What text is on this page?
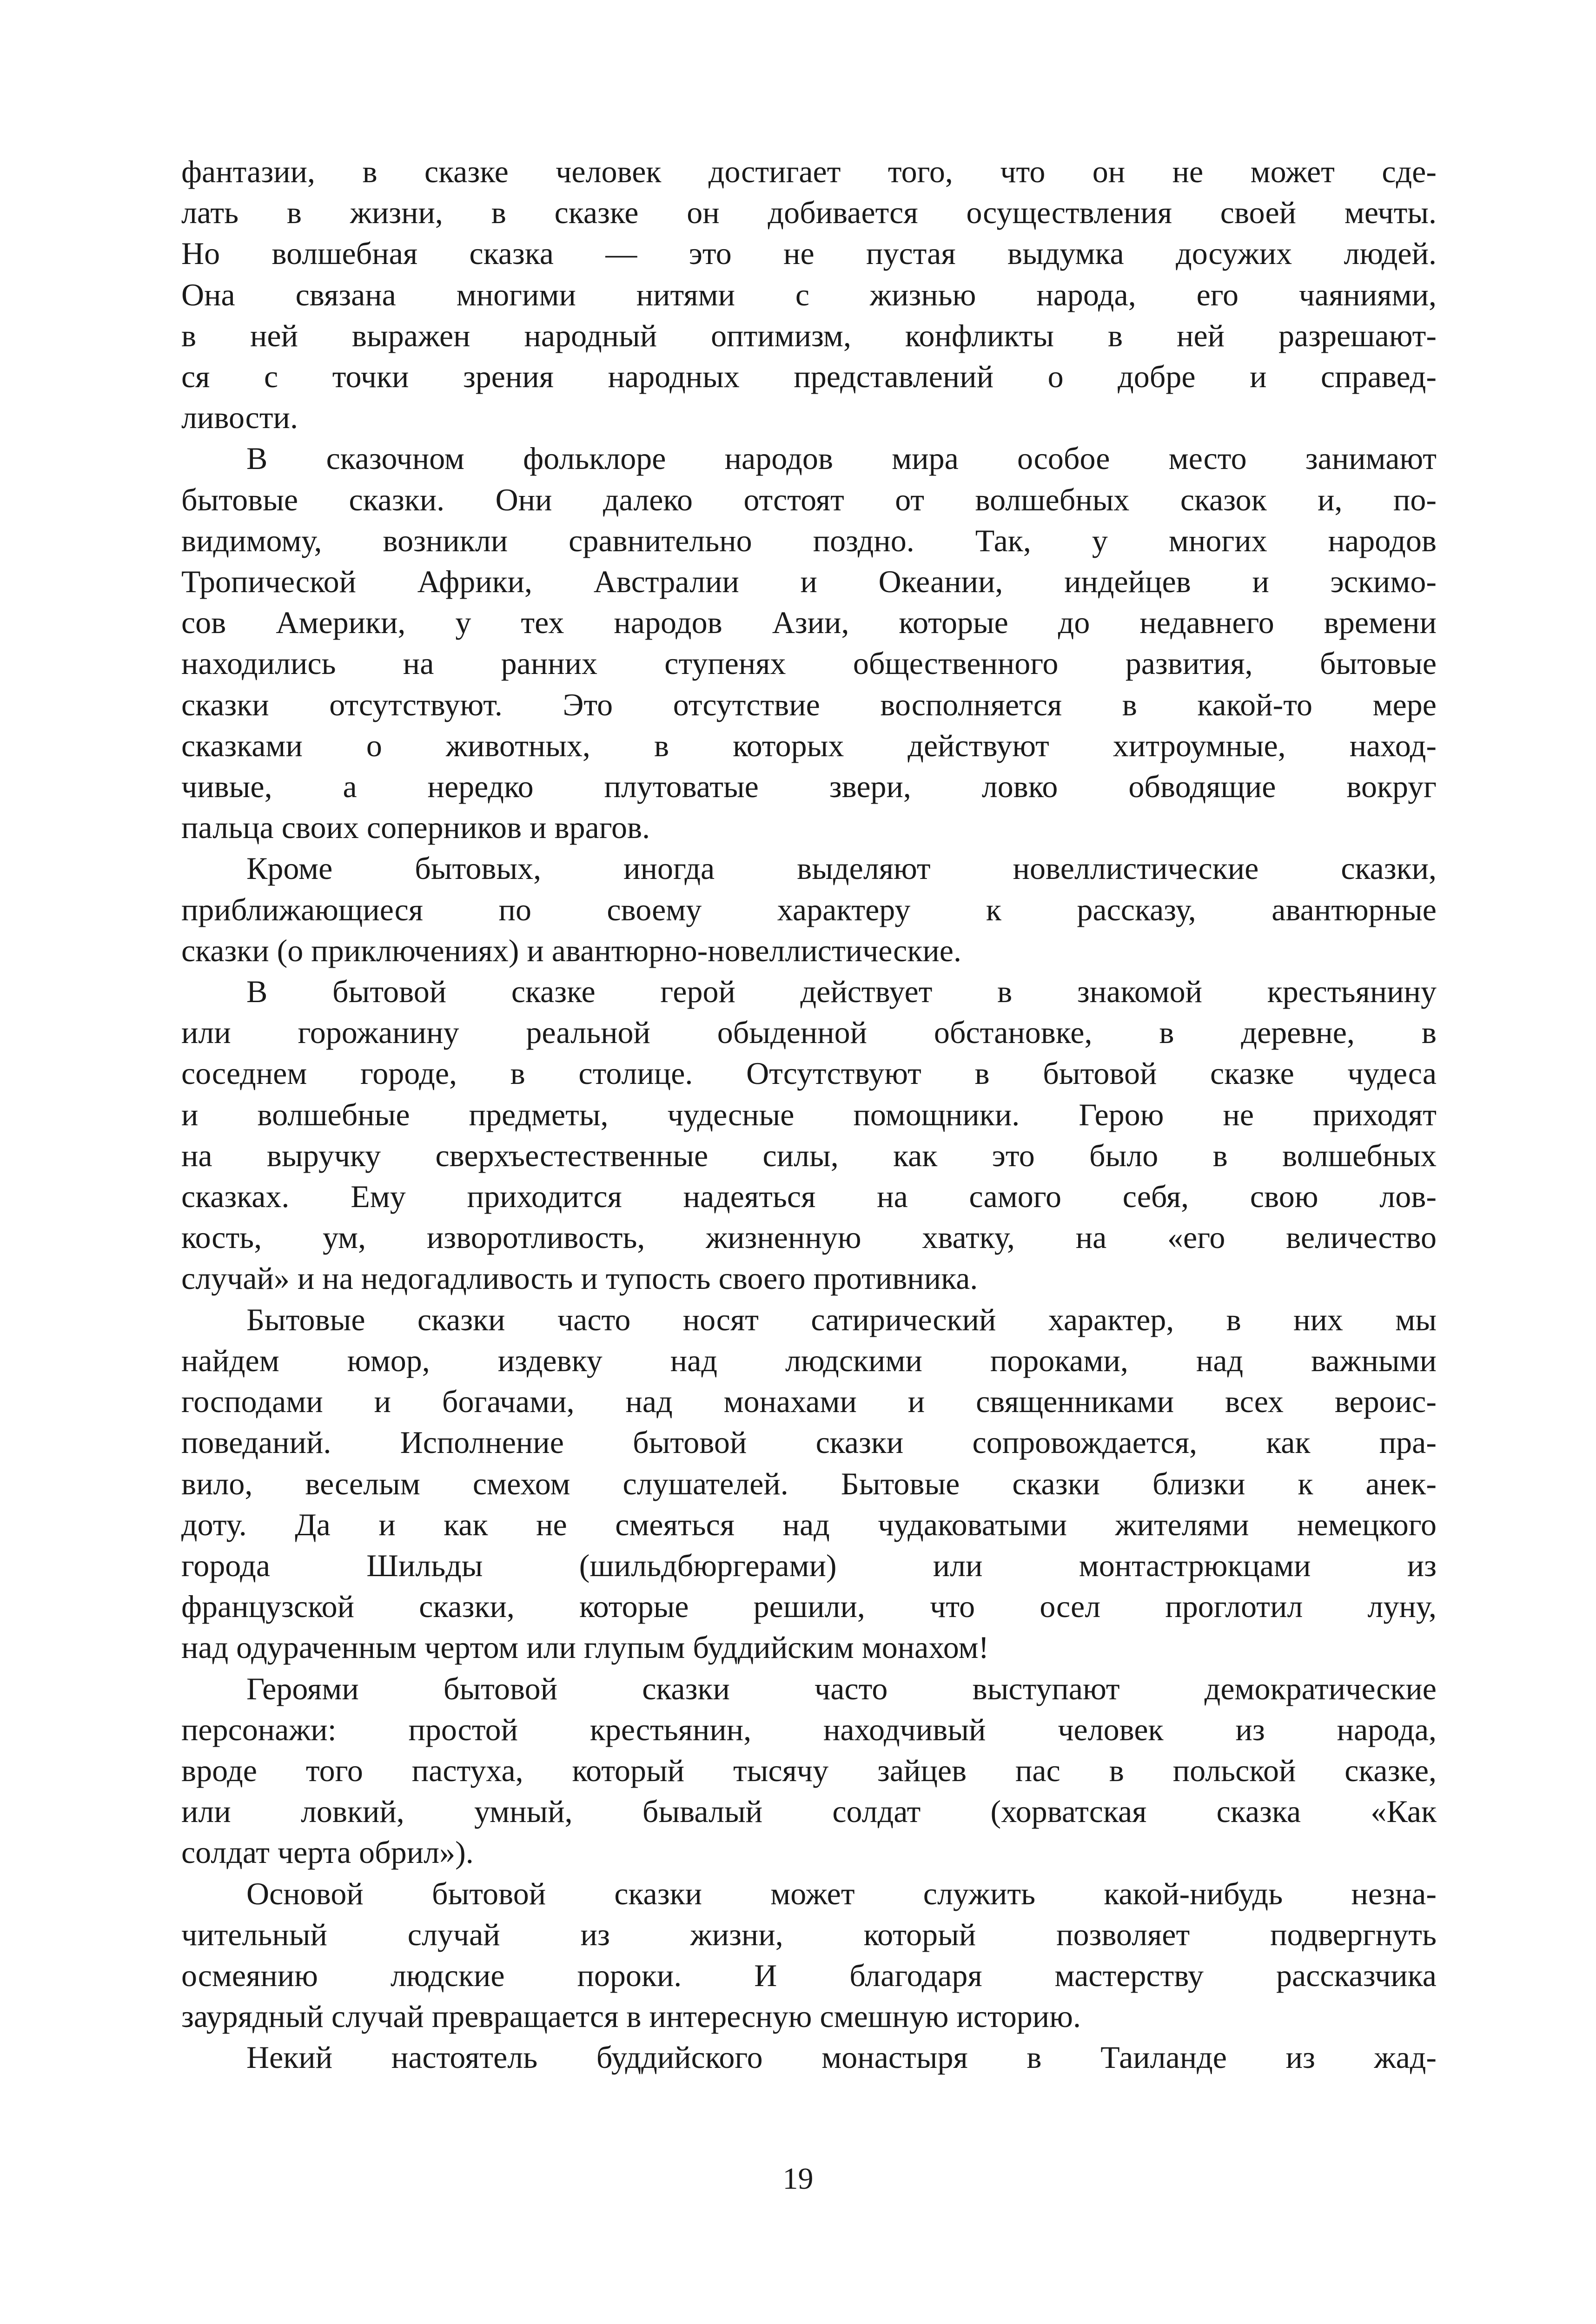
фантазии, в сказке человек достигает того, что он не может сде-
лать в жизни, в сказке он добивается осуществления своей мечты.
Но волшебная сказка — это не пустая выдумка досужих людей.
Она связана многими нитями с жизнью народа, его чаяниями,
в ней выражен народный оптимизм, конфликты в ней разрешают-
ся с точки зрения народных представлений о добре и справед-
ливости.
В сказочном фольклоре народов мира особое место занимают
бытовые сказки. Они далеко отстоят от волшебных сказок и, по-
видимому, возникли сравнительно поздно. Так, у многих народов
Тропической Африки, Австралии и Океании, индейцев и эскимо-
сов Америки, у тех народов Азии, которые до недавнего времени
находились на ранних ступенях общественного развития, бытовые
сказки отсутствуют. Это отсутствие восполняется в какой-то мере
сказками о животных, в которых действуют хитроумные, наход-
чивые, а нередко плутоватые звери, ловко обводящие вокруг
пальца своих соперников и врагов.
Кроме бытовых, иногда выделяют новеллистические сказки,
приближающиеся по своему характеру к рассказу, авантюрные
сказки (о приключениях) и авантюрно-новеллистические.
В бытовой сказке герой действует в знакомой крестьянину
или горожанину реальной обыденной обстановке, в деревне, в
соседнем городе, в столице. Отсутствуют в бытовой сказке чудеса
и волшебные предметы, чудесные помощники. Герою не приходят
на выручку сверхъестественные силы, как это было в волшебных
сказках. Ему приходится надеяться на самого себя, свою лов-
кость, ум, изворотливость, жизненную хватку, на «его величество
случай» и на недогадливость и тупость своего противника.
Бытовые сказки часто носят сатирический характер, в них мы
найдем юмор, издевку над людскими пороками, над важными
господами и богачами, над монахами и священниками всех вероис-
поведаний. Исполнение бытовой сказки сопровождается, как пра-
вило, веселым смехом слушателей. Бытовые сказки близки к анек-
доту. Да и как не смеяться над чудаковатыми жителями немецкого
города Шильды (шильдбюргерами) или монтастрюкцами из
французской сказки, которые решили, что осел проглотил луну,
над одураченным чертом или глупым буддийским монахом!
Героями бытовой сказки часто выступают демократические
персонажи: простой крестьянин, находчивый человек из народа,
вроде того пастуха, который тысячу зайцев пас в польской сказке,
или ловкий, умный, бывалый солдат (хорватская сказка «Как
солдат черта обрил»).
Основой бытовой сказки может служить какой-нибудь незна-
чительный случай из жизни, который позволяет подвергнуть
осмеянию людские пороки. И благодаря мастерству рассказчика
заурядный случай превращается в интересную смешную историю.
Некий настоятель буддийского монастыря в Таиланде из жад-
19
